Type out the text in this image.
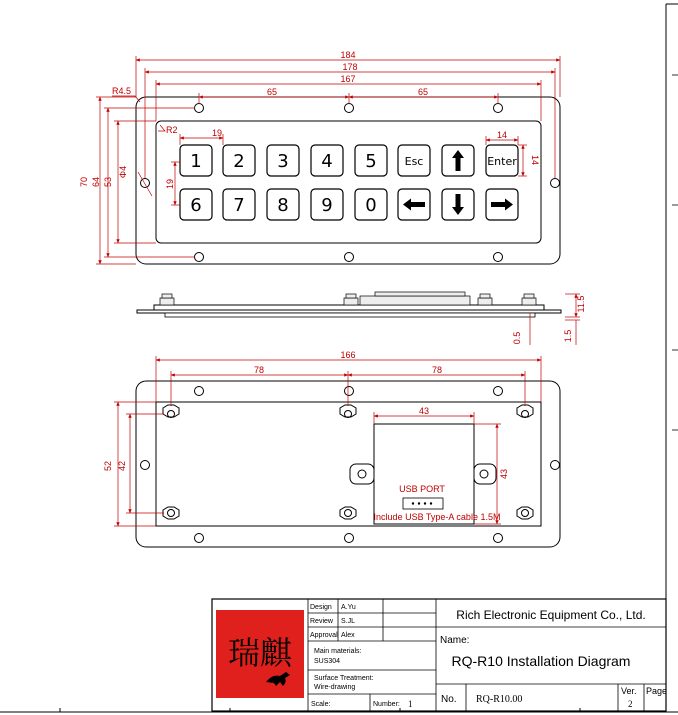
1 2 3 4 5	Esc	Enter
6 7 8 9 0
184
178
167
65	65
R4.5
R2	19	14
14
19
Φ4
70 64 53
11.5
0.5	1.5
USB PORT
Include USB Type-A cable 1.5M
166
78	78
43
43
52 42
瑞麒
Design A.Yu
Review S.JL
Approval Alex
Main materials:
SUS304
Surface Treatment:
Wire-drawing
Scale:	Number: 1
Rich Electronic Equipment Co., Ltd.
Name:
RQ-R10 Installation Diagram
No. RQ-R10.00
Ver.
2
Page
